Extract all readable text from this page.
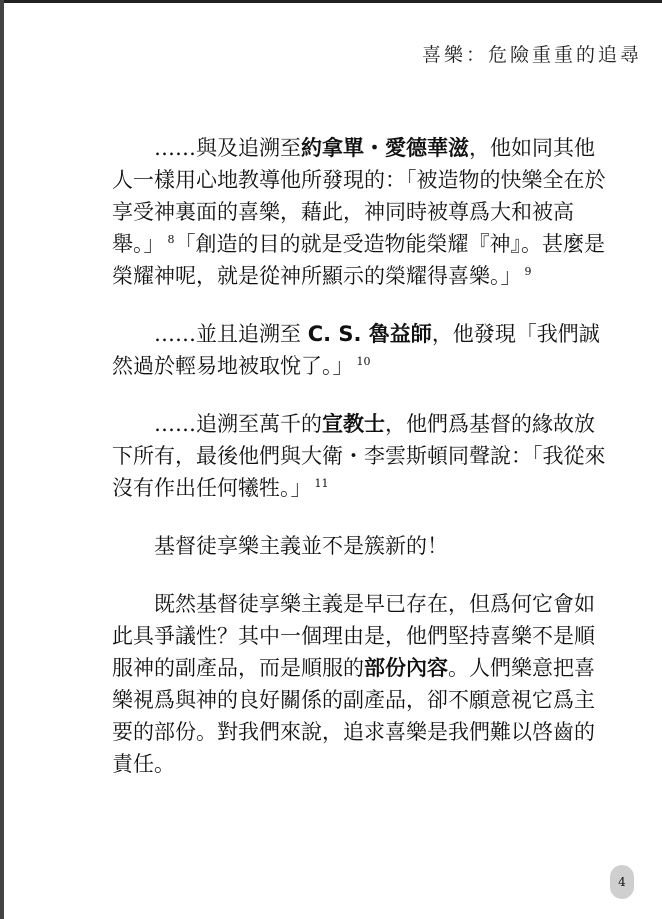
喜樂：危險重重的追尋

……與及追溯至約拿單・愛德華滋，他如同其他人一樣用心地教導他所發現的：「被造物的快樂全在於享受神裏面的喜樂，藉此，神同時被尊爲大和被高舉。」 $^8$「創造的目的就是受造物能榮耀『神』。甚麼是榮耀神呢，就是從神所顯示的榮耀得喜樂。」 $^9$

……並且追溯至 C. S. 魯益師，他發現「我們誠然過於輕易地被取悅了。」 $^{10}$

……追溯至萬千的宣教士，他們爲基督的緣故放下所有，最後他們與大衛・李雲斯頓同聲說：「我從來沒有作出任何犧牲。」 $^{11}$

基督徒享樂主義並不是簇新的！

既然基督徒享樂主義是早已存在，但爲何它會如此具爭議性？其中一個理由是，他們堅持喜樂不是順服神的副產品，而是順服的部份內容。人們樂意把喜樂視爲與神的良好關係的副產品，卻不願意視它爲主要的部份。對我們來說，追求喜樂是我們難以啓齒的責任。

4
